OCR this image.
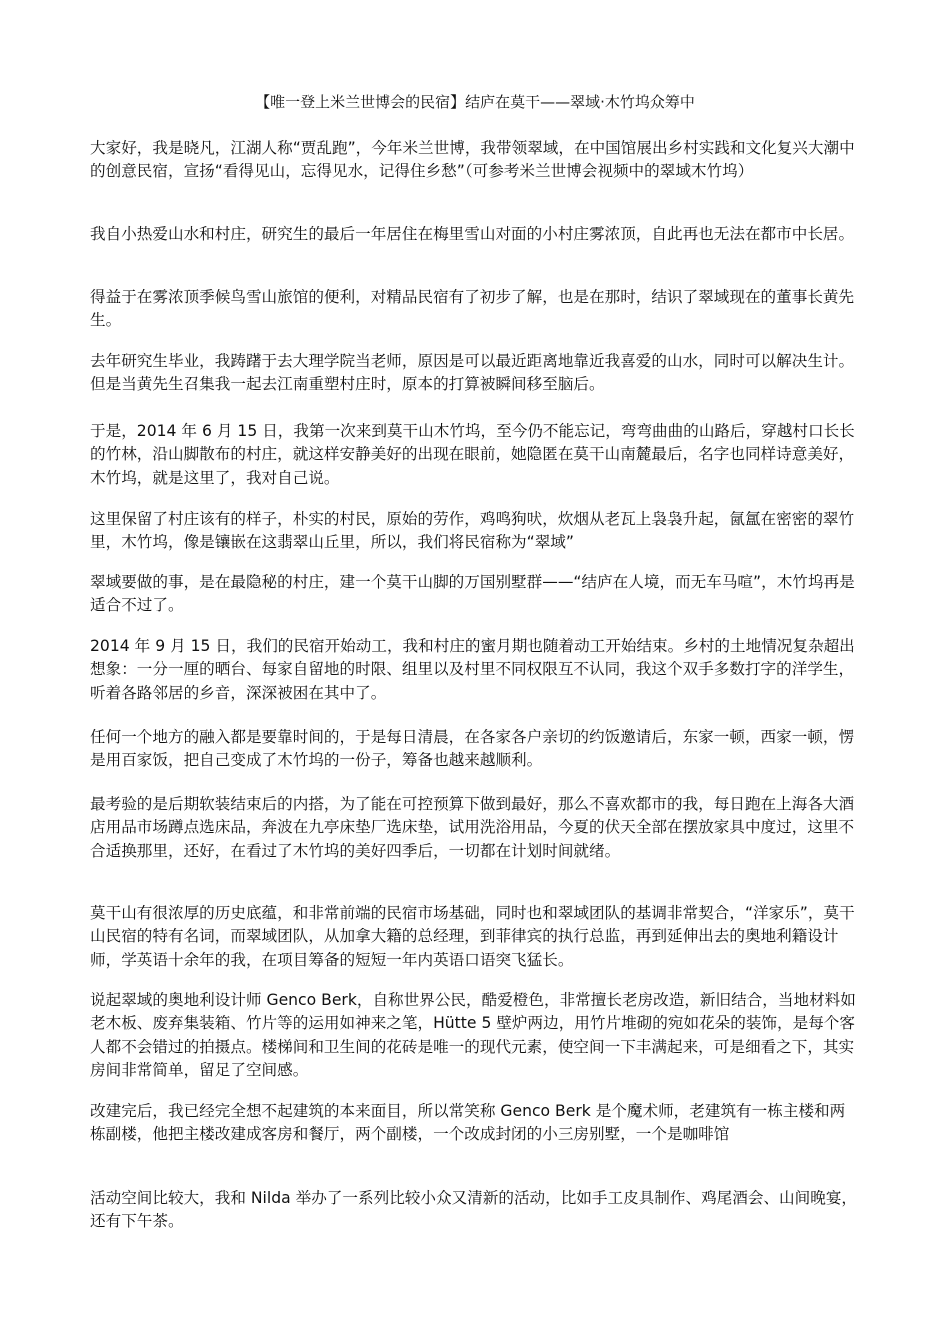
【唯一登上米兰世博会的民宿】结庐在莫干——翠域·木竹坞众筹中

大家好，我是晓凡，江湖人称“贾乱跑”，今年米兰世博，我带领翠域，在中国馆展出乡村实践和文化复兴大潮中的创意民宿，宣扬“看得见山，忘得见水，记得住乡愁”（可参考米兰世博会视频中的翠域木竹坞）

我自小热爱山水和村庄，研究生的最后一年居住在梅里雪山对面的小村庄雾浓顶，自此再也无法在都市中长居。

得益于在雾浓顶季候鸟雪山旅馆的便利，对精品民宿有了初步了解，也是在那时，结识了翠域现在的董事长黄先生。

去年研究生毕业，我踌躇于去大理学院当老师，原因是可以最近距离地靠近我喜爱的山水，同时可以解决生计。但是当黄先生召集我一起去江南重塑村庄时，原本的打算被瞬间移至脑后。

于是，2014 年 6 月 15 日，我第一次来到莫干山木竹坞，至今仍不能忘记，弯弯曲曲的山路后，穿越村口长长的竹林，沿山脚散布的村庄，就这样安静美好的出现在眼前，她隐匿在莫干山南麓最后，名字也同样诗意美好，木竹坞，就是这里了，我对自己说。

这里保留了村庄该有的样子，朴实的村民，原始的劳作，鸡鸣狗吠，炊烟从老瓦上袅袅升起，氤氲在密密的翠竹里，木竹坞，像是镶嵌在这翡翠山丘里，所以，我们将民宿称为“翠域”

翠域要做的事，是在最隐秘的村庄，建一个莫干山脚的万国别墅群——“结庐在人境，而无车马喧”，木竹坞再是适合不过了。

2014 年 9 月 15 日，我们的民宿开始动工，我和村庄的蜜月期也随着动工开始结束。乡村的土地情况复杂超出想象：一分一厘的晒台、每家自留地的时限、组里以及村里不同权限互不认同，我这个双手多数打字的洋学生，听着各路邻居的乡音，深深被困在其中了。

任何一个地方的融入都是要靠时间的，于是每日清晨，在各家各户亲切的约饭邀请后，东家一顿，西家一顿，愣是用百家饭，把自己变成了木竹坞的一份子，筹备也越来越顺利。

最考验的是后期软装结束后的内搭，为了能在可控预算下做到最好，那么不喜欢都市的我，每日跑在上海各大酒店用品市场蹲点选床品，奔波在九亭床垫厂选床垫，试用洗浴用品，今夏的伏天全部在摆放家具中度过，这里不合适换那里，还好，在看过了木竹坞的美好四季后，一切都在计划时间就绪。

莫干山有很浓厚的历史底蕴，和非常前端的民宿市场基础，同时也和翠域团队的基调非常契合，“洋家乐”，莫干山民宿的特有名词，而翠域团队，从加拿大籍的总经理，到菲律宾的执行总监，再到延伸出去的奥地利籍设计师，学英语十余年的我，在项目筹备的短短一年内英语口语突飞猛长。

说起翠域的奥地利设计师 Genco Berk，自称世界公民，酷爱橙色，非常擅长老房改造，新旧结合，当地材料如老木板、废弃集装箱、竹片等的运用如神来之笔，Hütte 5 壁炉两边，用竹片堆砌的宛如花朵的装饰，是每个客人都不会错过的拍摄点。楼梯间和卫生间的花砖是唯一的现代元素，使空间一下丰满起来，可是细看之下，其实房间非常简单，留足了空间感。

改建完后，我已经完全想不起建筑的本来面目，所以常笑称 Genco Berk 是个魔术师，老建筑有一栋主楼和两栋副楼，他把主楼改建成客房和餐厅，两个副楼，一个改成封闭的小三房别墅，一个是咖啡馆

活动空间比较大，我和 Nilda 举办了一系列比较小众又清新的活动，比如手工皮具制作、鸡尾酒会、山间晚宴，还有下午茶。
